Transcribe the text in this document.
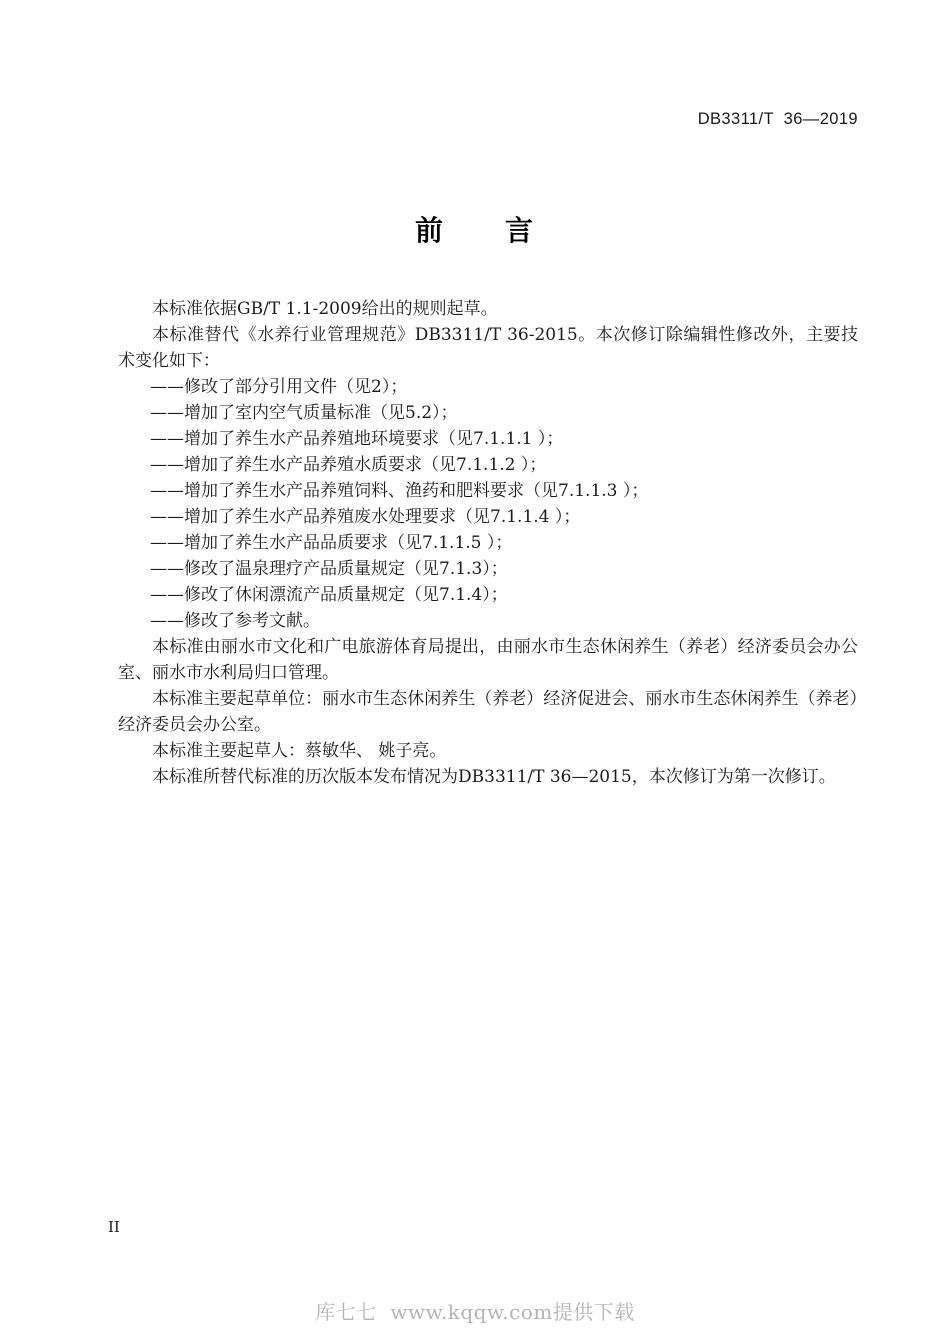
DB3311/T  36—2019
前　　言

本标准依据GB/T 1.1-2009给出的规则起草。

本标准替代《水养行业管理规范》DB3311/T 36-2015。本次修订除编辑性修改外，主要技术变化如下：

——修改了部分引用文件（见2）；

——增加了室内空气质量标准（见5.2）；

——增加了养生水产品养殖地环境要求（见7.1.1.1 ）；

——增加了养生水产品养殖水质要求（见7.1.1.2 ）；

——增加了养生水产品养殖饲料、渔药和肥料要求（见7.1.1.3 ）；

——增加了养生水产品养殖废水处理要求（见7.1.1.4 ）；

——增加了养生水产品品质要求（见7.1.1.5 ）；

——修改了温泉理疗产品质量规定（见7.1.3）；

——修改了休闲漂流产品质量规定（见7.1.4）；

——修改了参考文献。

本标准由丽水市文化和广电旅游体育局提出，由丽水市生态休闲养生（养老）经济委员会办公室、丽水市水利局归口管理。

本标准主要起草单位：丽水市生态休闲养生（养老）经济促进会、丽水市生态休闲养生（养老）经济委员会办公室。

本标准主要起草人：蔡敏华、 姚子亮。

本标准所替代标准的历次版本发布情况为DB3311/T 36—2015，本次修订为第一次修订。

II
库七七  www.kqqw.com提供下载
